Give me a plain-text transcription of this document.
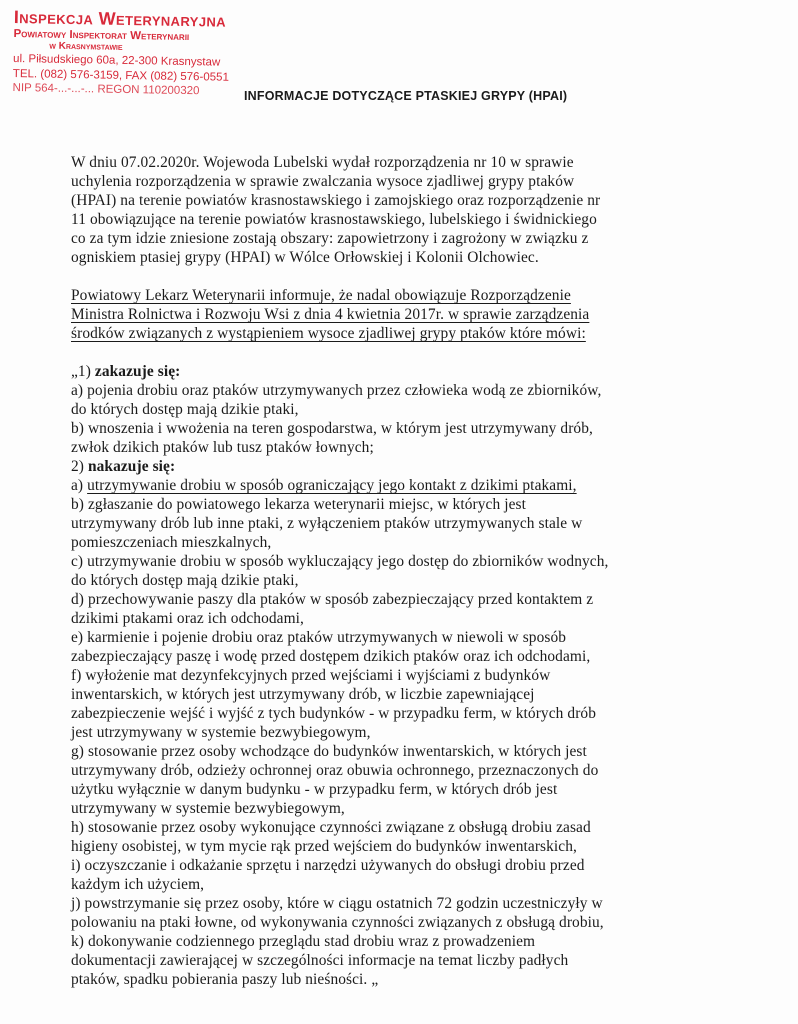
Inspekcja Weterynaryjna
Powiatowy Inspektorat Weterynarii
w Krasnymstawie
ul. Piłsudskiego 60a, 22-300 Krasnystaw
TEL. (082) 576-3159, FAX (082) 576-0551
NIP 564-...-...-... REGON 110200320	INFORMACJE DOTYCZĄCE PTASKIEJ GRYPY (HPAI)

W dniu 07.02.2020r. Wojewoda Lubelski wydał rozporządzenia nr 10 w sprawie
uchylenia rozporządzenia w sprawie zwalczania wysoce zjadliwej grypy ptaków
(HPAI) na terenie powiatów krasnostawskiego i zamojskiego oraz rozporządzenie nr
11 obowiązujące na terenie powiatów krasnostawskiego, lubelskiego i świdnickiego
co za tym idzie zniesione zostają obszary: zapowietrzony i zagrożony w związku z
ogniskiem ptasiej grypy (HPAI) w Wólce Orłowskiej i Kolonii Olchowiec.

Powiatowy Lekarz Weterynarii informuje, że nadal obowiązuje Rozporządzenie
Ministra Rolnictwa i Rozwoju Wsi z dnia 4 kwietnia 2017r. w sprawie zarządzenia
środków związanych z wystąpieniem wysoce zjadliwej grypy ptaków które mówi:

„1) zakazuje się:
a) pojenia drobiu oraz ptaków utrzymywanych przez człowieka wodą ze zbiorników,
do których dostęp mają dzikie ptaki,
b) wnoszenia i wwożenia na teren gospodarstwa, w którym jest utrzymywany drób,
zwłok dzikich ptaków lub tusz ptaków łownych;
2) nakazuje się:
a) utrzymywanie drobiu w sposób ograniczający jego kontakt z dzikimi ptakami,
b) zgłaszanie do powiatowego lekarza weterynarii miejsc, w których jest
utrzymywany drób lub inne ptaki, z wyłączeniem ptaków utrzymywanych stale w
pomieszczeniach mieszkalnych,
c) utrzymywanie drobiu w sposób wykluczający jego dostęp do zbiorników wodnych,
do których dostęp mają dzikie ptaki,
d) przechowywanie paszy dla ptaków w sposób zabezpieczający przed kontaktem z
dzikimi ptakami oraz ich odchodami,
e) karmienie i pojenie drobiu oraz ptaków utrzymywanych w niewoli w sposób
zabezpieczający paszę i wodę przed dostępem dzikich ptaków oraz ich odchodami,
f) wyłożenie mat dezynfekcyjnych przed wejściami i wyjściami z budynków
inwentarskich, w których jest utrzymywany drób, w liczbie zapewniającej
zabezpieczenie wejść i wyjść z tych budynków - w przypadku ferm, w których drób
jest utrzymywany w systemie bezwybiegowym,
g) stosowanie przez osoby wchodzące do budynków inwentarskich, w których jest
utrzymywany drób, odzieży ochronnej oraz obuwia ochronnego, przeznaczonych do
użytku wyłącznie w danym budynku - w przypadku ferm, w których drób jest
utrzymywany w systemie bezwybiegowym,
h) stosowanie przez osoby wykonujące czynności związane z obsługą drobiu zasad
higieny osobistej, w tym mycie rąk przed wejściem do budynków inwentarskich,
i) oczyszczanie i odkażanie sprzętu i narzędzi używanych do obsługi drobiu przed
każdym ich użyciem,
j) powstrzymanie się przez osoby, które w ciągu ostatnich 72 godzin uczestniczyły w
polowaniu na ptaki łowne, od wykonywania czynności związanych z obsługą drobiu,
k) dokonywanie codziennego przeglądu stad drobiu wraz z prowadzeniem
dokumentacji zawierającej w szczególności informacje na temat liczby padłych
ptaków, spadku pobierania paszy lub nieśności. „
